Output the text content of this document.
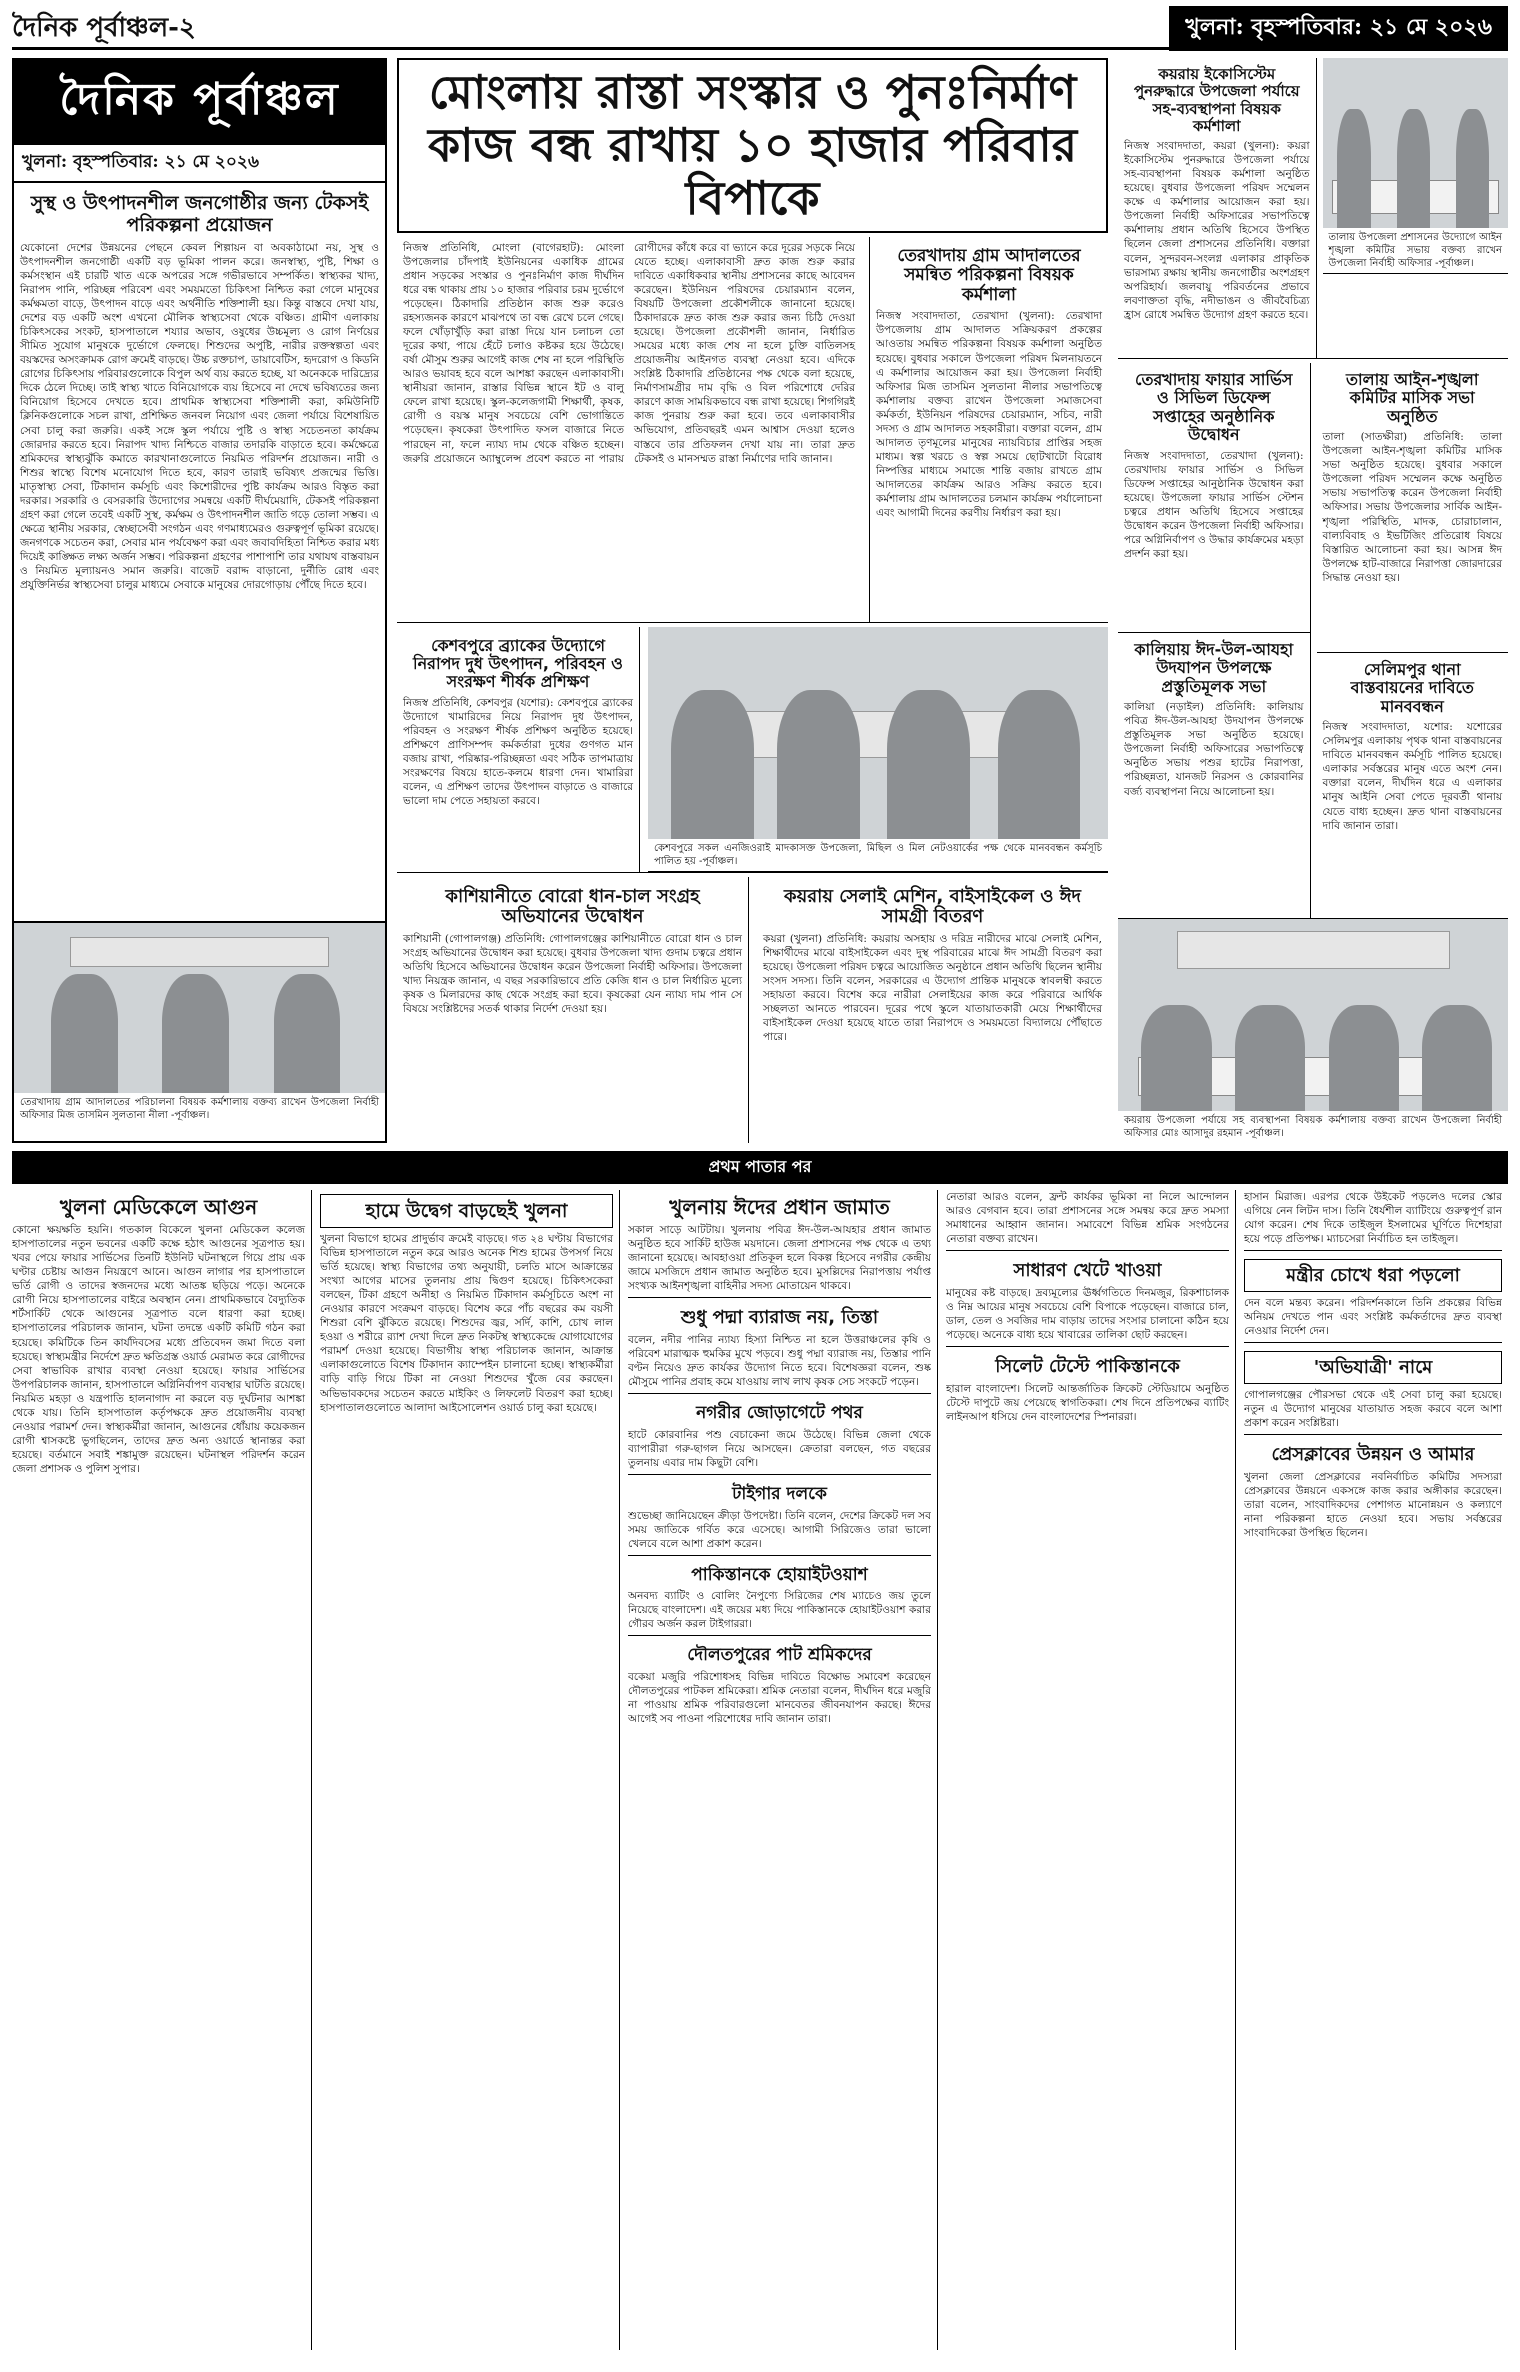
দৈনিক পূর্বাঞ্চল-২	খুলনা: বৃহস্পতিবার: ২১ মে ২০২৬
দৈনিক পূর্বাঞ্চল
খুলনা: বৃহস্পতিবার: ২১ মে ২০২৬
সুস্থ ও উৎপাদনশীল জনগোষ্ঠীর জন্য টেকসই পরিকল্পনা প্রয়োজন

যেকোনো দেশের উন্নয়নের পেছনে কেবল শিল্পায়ন বা অবকাঠামো নয়, সুস্থ ও উৎপাদনশীল জনগোষ্ঠী একটি বড় ভূমিকা পালন করে। জনস্বাস্থ্য, পুষ্টি, শিক্ষা ও কর্মসংস্থান এই চারটি খাত একে অপরের সঙ্গে গভীরভাবে সম্পর্কিত। স্বাস্থ্যকর খাদ্য, নিরাপদ পানি, পরিচ্ছন্ন পরিবেশ এবং সময়মতো চিকিৎসা নিশ্চিত করা গেলে মানুষের কর্মক্ষমতা বাড়ে, উৎপাদন বাড়ে এবং অর্থনীতি শক্তিশালী হয়। কিন্তু বাস্তবে দেখা যায়, দেশের বড় একটি অংশ এখনো মৌলিক স্বাস্থ্যসেবা থেকে বঞ্চিত। গ্রামীণ এলাকায় চিকিৎসকের সংকট, হাসপাতালে শয্যার অভাব, ওষুধের উচ্চমূল্য ও রোগ নির্ণয়ের সীমিত সুযোগ মানুষকে দুর্ভোগে ফেলছে। শিশুদের অপুষ্টি, নারীর রক্তস্বল্পতা এবং বয়স্কদের অসংক্রামক রোগ ক্রমেই বাড়ছে। উচ্চ রক্তচাপ, ডায়াবেটিস, হৃদরোগ ও কিডনি রোগের চিকিৎসায় পরিবারগুলোকে বিপুল অর্থ ব্যয় করতে হচ্ছে, যা অনেককে দারিদ্র্যের দিকে ঠেলে দিচ্ছে। তাই স্বাস্থ্য খাতে বিনিয়োগকে ব্যয় হিসেবে না দেখে ভবিষ্যতের জন্য বিনিয়োগ হিসেবে দেখতে হবে। প্রাথমিক স্বাস্থ্যসেবা শক্তিশালী করা, কমিউনিটি ক্লিনিকগুলোকে সচল রাখা, প্রশিক্ষিত জনবল নিয়োগ এবং জেলা পর্যায়ে বিশেষায়িত সেবা চালু করা জরুরি। একই সঙ্গে স্কুল পর্যায়ে পুষ্টি ও স্বাস্থ্য সচেতনতা কার্যক্রম জোরদার করতে হবে। নিরাপদ খাদ্য নিশ্চিতে বাজার তদারকি বাড়াতে হবে। কর্মক্ষেত্রে শ্রমিকদের স্বাস্থ্যঝুঁকি কমাতে কারখানাগুলোতে নিয়মিত পরিদর্শন প্রয়োজন। নারী ও শিশুর স্বাস্থ্যে বিশেষ মনোযোগ দিতে হবে, কারণ তারাই ভবিষ্যৎ প্রজন্মের ভিত্তি। মাতৃস্বাস্থ্য সেবা, টিকাদান কর্মসূচি এবং কিশোরীদের পুষ্টি কার্যক্রম আরও বিস্তৃত করা দরকার। সরকারি ও বেসরকারি উদ্যোগের সমন্বয়ে একটি দীর্ঘমেয়াদি, টেকসই পরিকল্পনা গ্রহণ করা গেলে তবেই একটি সুস্থ, কর্মক্ষম ও উৎপাদনশীল জাতি গড়ে তোলা সম্ভব। এ ক্ষেত্রে স্থানীয় সরকার, স্বেচ্ছাসেবী সংগঠন এবং গণমাধ্যমেরও গুরুত্বপূর্ণ ভূমিকা রয়েছে। জনগণকে সচেতন করা, সেবার মান পর্যবেক্ষণ করা এবং জবাবদিহিতা নিশ্চিত করার মধ্য দিয়েই কাঙ্ক্ষিত লক্ষ্য অর্জন সম্ভব। পরিকল্পনা গ্রহণের পাশাপাশি তার যথাযথ বাস্তবায়ন ও নিয়মিত মূল্যায়নও সমান জরুরি। বাজেট বরাদ্দ বাড়ানো, দুর্নীতি রোধ এবং প্রযুক্তিনির্ভর স্বাস্থ্যসেবা চালুর মাধ্যমে সেবাকে মানুষের দোরগোড়ায় পৌঁছে দিতে হবে।

তেরখাদায় গ্রাম আদালতের পরিচালনা বিষয়ক কর্মশালায় বক্তব্য রাখেন উপজেলা নির্বাহী অফিসার মিজ তাসমিন সুলতানা নীলা -পূর্বাঞ্চল।
মোংলায় রাস্তা সংস্কার ও পুনঃনির্মাণ কাজ বন্ধ রাখায় ১০ হাজার পরিবার বিপাকে

নিজস্ব প্রতিনিধি, মোংলা (বাগেরহাট): মোংলা উপজেলার চাঁদপাই ইউনিয়নের একাধিক গ্রামের প্রধান সড়কের সংস্কার ও পুনঃনির্মাণ কাজ দীর্ঘদিন ধরে বন্ধ থাকায় প্রায় ১০ হাজার পরিবার চরম দুর্ভোগে পড়েছেন। ঠিকাদারি প্রতিষ্ঠান কাজ শুরু করেও রহস্যজনক কারণে মাঝপথে তা বন্ধ রেখে চলে গেছে। ফলে খোঁড়াখুঁড়ি করা রাস্তা দিয়ে যান চলাচল তো দূরের কথা, পায়ে হেঁটে চলাও কষ্টকর হয়ে উঠেছে। বর্ষা মৌসুম শুরুর আগেই কাজ শেষ না হলে পরিস্থিতি আরও ভয়াবহ হবে বলে আশঙ্কা করছেন এলাকাবাসী। স্থানীয়রা জানান, রাস্তার বিভিন্ন স্থানে ইট ও বালু ফেলে রাখা হয়েছে। স্কুল-কলেজগামী শিক্ষার্থী, কৃষক, রোগী ও বয়স্ক মানুষ সবচেয়ে বেশি ভোগান্তিতে পড়েছেন। কৃষকেরা উৎপাদিত ফসল বাজারে নিতে পারছেন না, ফলে ন্যায্য দাম থেকে বঞ্চিত হচ্ছেন। জরুরি প্রয়োজনে অ্যাম্বুলেন্স প্রবেশ করতে না পারায় রোগীদের কাঁধে করে বা ভ্যানে করে দূরের সড়কে নিয়ে যেতে হচ্ছে। এলাকাবাসী দ্রুত কাজ শুরু করার দাবিতে একাধিকবার স্থানীয় প্রশাসনের কাছে আবেদন করেছেন। ইউনিয়ন পরিষদের চেয়ারম্যান বলেন, বিষয়টি উপজেলা প্রকৌশলীকে জানানো হয়েছে। ঠিকাদারকে দ্রুত কাজ শুরু করার জন্য চিঠি দেওয়া হয়েছে। উপজেলা প্রকৌশলী জানান, নির্ধারিত সময়ের মধ্যে কাজ শেষ না হলে চুক্তি বাতিলসহ প্রয়োজনীয় আইনগত ব্যবস্থা নেওয়া হবে। এদিকে সংশ্লিষ্ট ঠিকাদারি প্রতিষ্ঠানের পক্ষ থেকে বলা হয়েছে, নির্মাণসামগ্রীর দাম বৃদ্ধি ও বিল পরিশোধে দেরির কারণে কাজ সাময়িকভাবে বন্ধ রাখা হয়েছে। শিগগিরই কাজ পুনরায় শুরু করা হবে। তবে এলাকাবাসীর অভিযোগ, প্রতিবছরই এমন আশ্বাস দেওয়া হলেও বাস্তবে তার প্রতিফলন দেখা যায় না। তারা দ্রুত টেকসই ও মানসম্মত রাস্তা নির্মাণের দাবি জানান।

তেরখাদায় গ্রাম আদালতের সমন্বিত পরিকল্পনা বিষয়ক কর্মশালা

নিজস্ব সংবাদদাতা, তেরখাদা (খুলনা): তেরখাদা উপজেলায় গ্রাম আদালত সক্রিয়করণ প্রকল্পের আওতায় সমন্বিত পরিকল্পনা বিষয়ক কর্মশালা অনুষ্ঠিত হয়েছে। বুধবার সকালে উপজেলা পরিষদ মিলনায়তনে এ কর্মশালার আয়োজন করা হয়। উপজেলা নির্বাহী অফিসার মিজ তাসমিন সুলতানা নীলার সভাপতিত্বে কর্মশালায় বক্তব্য রাখেন উপজেলা সমাজসেবা কর্মকর্তা, ইউনিয়ন পরিষদের চেয়ারম্যান, সচিব, নারী সদস্য ও গ্রাম আদালত সহকারীরা। বক্তারা বলেন, গ্রাম আদালত তৃণমূলের মানুষের ন্যায়বিচার প্রাপ্তির সহজ মাধ্যম। স্বল্প খরচে ও স্বল্প সময়ে ছোটখাটো বিরোধ নিষ্পত্তির মাধ্যমে সমাজে শান্তি বজায় রাখতে গ্রাম আদালতের কার্যক্রম আরও সক্রিয় করতে হবে। কর্মশালায় গ্রাম আদালতের চলমান কার্যক্রম পর্যালোচনা এবং আগামী দিনের করণীয় নির্ধারণ করা হয়।

কেশবপুরে ব্র্যাকের উদ্যোগে নিরাপদ দুধ উৎপাদন, পরিবহন ও সংরক্ষণ শীর্ষক প্রশিক্ষণ

নিজস্ব প্রতিনিধি, কেশবপুর (যশোর): কেশবপুরে ব্র্যাকের উদ্যোগে খামারিদের নিয়ে নিরাপদ দুধ উৎপাদন, পরিবহন ও সংরক্ষণ শীর্ষক প্রশিক্ষণ অনুষ্ঠিত হয়েছে। প্রশিক্ষণে প্রাণিসম্পদ কর্মকর্তারা দুধের গুণগত মান বজায় রাখা, পরিষ্কার-পরিচ্ছন্নতা এবং সঠিক তাপমাত্রায় সংরক্ষণের বিষয়ে হাতে-কলমে ধারণা দেন। খামারিরা বলেন, এ প্রশিক্ষণ তাদের উৎপাদন বাড়াতে ও বাজারে ভালো দাম পেতে সহায়তা করবে।

কেশবপুরে সকল এনজিওরাই মাদকাসক্ত উপজেলা, মিছিল ও মিল নেটওয়ার্কের পক্ষ থেকে মানববন্ধন কর্মসূচি পালিত হয় -পূর্বাঞ্চল।
কাশিয়ানীতে বোরো ধান-চাল সংগ্রহ অভিযানের উদ্বোধন

কাশিয়ানী (গোপালগঞ্জ) প্রতিনিধি: গোপালগঞ্জের কাশিয়ানীতে বোরো ধান ও চাল সংগ্রহ অভিযানের উদ্বোধন করা হয়েছে। বুধবার উপজেলা খাদ্য গুদাম চত্বরে প্রধান অতিথি হিসেবে অভিযানের উদ্বোধন করেন উপজেলা নির্বাহী অফিসার। উপজেলা খাদ্য নিয়ন্ত্রক জানান, এ বছর সরকারিভাবে প্রতি কেজি ধান ও চাল নির্ধারিত মূল্যে কৃষক ও মিলারদের কাছ থেকে সংগ্রহ করা হবে। কৃষকেরা যেন ন্যায্য দাম পান সে বিষয়ে সংশ্লিষ্টদের সতর্ক থাকার নির্দেশ দেওয়া হয়।

কয়রায় সেলাই মেশিন, বাইসাইকেল ও ঈদ সামগ্রী বিতরণ

কয়রা (খুলনা) প্রতিনিধি: কয়রায় অসহায় ও দরিদ্র নারীদের মাঝে সেলাই মেশিন, শিক্ষার্থীদের মাঝে বাইসাইকেল এবং দুস্থ পরিবারের মাঝে ঈদ সামগ্রী বিতরণ করা হয়েছে। উপজেলা পরিষদ চত্বরে আয়োজিত অনুষ্ঠানে প্রধান অতিথি ছিলেন স্থানীয় সংসদ সদস্য। তিনি বলেন, সরকারের এ উদ্যোগ প্রান্তিক মানুষকে স্বাবলম্বী করতে সহায়তা করবে। বিশেষ করে নারীরা সেলাইয়ের কাজ করে পরিবারে আর্থিক সচ্ছলতা আনতে পারবেন। দূরের পথে স্কুলে যাতায়াতকারী মেয়ে শিক্ষার্থীদের বাইসাইকেল দেওয়া হয়েছে যাতে তারা নিরাপদে ও সময়মতো বিদ্যালয়ে পৌঁছাতে পারে।

কয়রায় ইকোসিস্টেম পুনরুদ্ধারে উপজেলা পর্যায়ে সহ-ব্যবস্থাপনা বিষয়ক কর্মশালা

নিজস্ব সংবাদদাতা, কয়রা (খুলনা): কয়রা ইকোসিস্টেম পুনরুদ্ধারে উপজেলা পর্যায়ে সহ-ব্যবস্থাপনা বিষয়ক কর্মশালা অনুষ্ঠিত হয়েছে। বুধবার উপজেলা পরিষদ সম্মেলন কক্ষে এ কর্মশালার আয়োজন করা হয়। উপজেলা নির্বাহী অফিসারের সভাপতিত্বে কর্মশালায় প্রধান অতিথি হিসেবে উপস্থিত ছিলেন জেলা প্রশাসনের প্রতিনিধি। বক্তারা বলেন, সুন্দরবন-সংলগ্ন এলাকার প্রাকৃতিক ভারসাম্য রক্ষায় স্থানীয় জনগোষ্ঠীর অংশগ্রহণ অপরিহার্য। জলবায়ু পরিবর্তনের প্রভাবে লবণাক্ততা বৃদ্ধি, নদীভাঙন ও জীববৈচিত্র্য হ্রাস রোধে সমন্বিত উদ্যোগ গ্রহণ করতে হবে।

তালায় উপজেলা প্রশাসনের উদ্যোগে আইন শৃঙ্খলা কমিটির সভায় বক্তব্য রাখেন উপজেলা নির্বাহী অফিসার -পূর্বাঞ্চল।
তেরখাদায় ফায়ার সার্ভিস ও সিভিল ডিফেন্স সপ্তাহের অনুষ্ঠানিক উদ্বোধন

নিজস্ব সংবাদদাতা, তেরখাদা (খুলনা): তেরখাদায় ফায়ার সার্ভিস ও সিভিল ডিফেন্স সপ্তাহের আনুষ্ঠানিক উদ্বোধন করা হয়েছে। উপজেলা ফায়ার সার্ভিস স্টেশন চত্বরে প্রধান অতিথি হিসেবে সপ্তাহের উদ্বোধন করেন উপজেলা নির্বাহী অফিসার। পরে অগ্নিনির্বাপণ ও উদ্ধার কার্যক্রমের মহড়া প্রদর্শন করা হয়।

কালিয়ায় ঈদ-উল-আযহা উদযাপন উপলক্ষে প্রস্তুতিমূলক সভা

কালিয়া (নড়াইল) প্রতিনিধি: কালিয়ায় পবিত্র ঈদ-উল-আযহা উদযাপন উপলক্ষে প্রস্তুতিমূলক সভা অনুষ্ঠিত হয়েছে। উপজেলা নির্বাহী অফিসারের সভাপতিত্বে অনুষ্ঠিত সভায় পশুর হাটের নিরাপত্তা, পরিচ্ছন্নতা, যানজট নিরসন ও কোরবানির বর্জ্য ব্যবস্থাপনা নিয়ে আলোচনা হয়।

তালায় আইন-শৃঙ্খলা কমিটির মাসিক সভা অনুষ্ঠিত

তালা (সাতক্ষীরা) প্রতিনিধি: তালা উপজেলা আইন-শৃঙ্খলা কমিটির মাসিক সভা অনুষ্ঠিত হয়েছে। বুধবার সকালে উপজেলা পরিষদ সম্মেলন কক্ষে অনুষ্ঠিত সভায় সভাপতিত্ব করেন উপজেলা নির্বাহী অফিসার। সভায় উপজেলার সার্বিক আইন-শৃঙ্খলা পরিস্থিতি, মাদক, চোরাচালান, বাল্যবিবাহ ও ইভটিজিং প্রতিরোধ বিষয়ে বিস্তারিত আলোচনা করা হয়। আসন্ন ঈদ উপলক্ষে হাট-বাজারে নিরাপত্তা জোরদারের সিদ্ধান্ত নেওয়া হয়।

সেলিমপুর থানা বাস্তবায়নের দাবিতে মানববন্ধন

নিজস্ব সংবাদদাতা, যশোর: যশোরের সেলিমপুর এলাকায় পৃথক থানা বাস্তবায়নের দাবিতে মানববন্ধন কর্মসূচি পালিত হয়েছে। এলাকার সর্বস্তরের মানুষ এতে অংশ নেন। বক্তারা বলেন, দীর্ঘদিন ধরে এ এলাকার মানুষ আইনি সেবা পেতে দূরবর্তী থানায় যেতে বাধ্য হচ্ছেন। দ্রুত থানা বাস্তবায়নের দাবি জানান তারা।

কয়রায় উপজেলা পর্যায়ে সহ ব্যবস্থাপনা বিষয়ক কর্মশালায় বক্তব্য রাখেন উপজেলা নির্বাহী অফিসার মোঃ আসাদুর রহমান -পূর্বাঞ্চল।
প্রথম পাতার পর
খুলনা মেডিকেলে আগুন

কোনো ক্ষয়ক্ষতি হয়নি। গতকাল বিকেলে খুলনা মেডিকেল কলেজ হাসপাতালের নতুন ভবনের একটি কক্ষে হঠাৎ আগুনের সূত্রপাত হয়। খবর পেয়ে ফায়ার সার্ভিসের তিনটি ইউনিট ঘটনাস্থলে গিয়ে প্রায় এক ঘণ্টার চেষ্টায় আগুন নিয়ন্ত্রণে আনে। আগুন লাগার পর হাসপাতালে ভর্তি রোগী ও তাদের স্বজনদের মধ্যে আতঙ্ক ছড়িয়ে পড়ে। অনেকে রোগী নিয়ে হাসপাতালের বাইরে অবস্থান নেন। প্রাথমিকভাবে বৈদ্যুতিক শর্টসার্কিট থেকে আগুনের সূত্রপাত বলে ধারণা করা হচ্ছে। হাসপাতালের পরিচালক জানান, ঘটনা তদন্তে একটি কমিটি গঠন করা হয়েছে। কমিটিকে তিন কার্যদিবসের মধ্যে প্রতিবেদন জমা দিতে বলা হয়েছে। স্বাস্থ্যমন্ত্রীর নির্দেশে দ্রুত ক্ষতিগ্রস্ত ওয়ার্ড মেরামত করে রোগীদের সেবা স্বাভাবিক রাখার ব্যবস্থা নেওয়া হয়েছে। ফায়ার সার্ভিসের উপপরিচালক জানান, হাসপাতালে অগ্নিনির্বাপণ ব্যবস্থার ঘাটতি রয়েছে। নিয়মিত মহড়া ও যন্ত্রপাতি হালনাগাদ না করলে বড় দুর্ঘটনার আশঙ্কা থেকে যায়। তিনি হাসপাতাল কর্তৃপক্ষকে দ্রুত প্রয়োজনীয় ব্যবস্থা নেওয়ার পরামর্শ দেন। স্বাস্থ্যকর্মীরা জানান, আগুনের ধোঁয়ায় কয়েকজন রোগী শ্বাসকষ্টে ভুগছিলেন, তাদের দ্রুত অন্য ওয়ার্ডে স্থানান্তর করা হয়েছে। বর্তমানে সবাই শঙ্কামুক্ত রয়েছেন। ঘটনাস্থল পরিদর্শন করেন জেলা প্রশাসক ও পুলিশ সুপার।

হামে উদ্বেগ বাড়ছেই খুলনা

খুলনা বিভাগে হামের প্রাদুর্ভাব ক্রমেই বাড়ছে। গত ২৪ ঘণ্টায় বিভাগের বিভিন্ন হাসপাতালে নতুন করে আরও অনেক শিশু হামের উপসর্গ নিয়ে ভর্তি হয়েছে। স্বাস্থ্য বিভাগের তথ্য অনুযায়ী, চলতি মাসে আক্রান্তের সংখ্যা আগের মাসের তুলনায় প্রায় দ্বিগুণ হয়েছে। চিকিৎসকেরা বলছেন, টিকা গ্রহণে অনীহা ও নিয়মিত টিকাদান কর্মসূচিতে অংশ না নেওয়ার কারণে সংক্রমণ বাড়ছে। বিশেষ করে পাঁচ বছরের কম বয়সী শিশুরা বেশি ঝুঁকিতে রয়েছে। শিশুদের জ্বর, সর্দি, কাশি, চোখ লাল হওয়া ও শরীরে র‍্যাশ দেখা দিলে দ্রুত নিকটস্থ স্বাস্থ্যকেন্দ্রে যোগাযোগের পরামর্শ দেওয়া হয়েছে। বিভাগীয় স্বাস্থ্য পরিচালক জানান, আক্রান্ত এলাকাগুলোতে বিশেষ টিকাদান ক্যাম্পেইন চালানো হচ্ছে। স্বাস্থ্যকর্মীরা বাড়ি বাড়ি গিয়ে টিকা না নেওয়া শিশুদের খুঁজে বের করছেন। অভিভাবকদের সচেতন করতে মাইকিং ও লিফলেট বিতরণ করা হচ্ছে। হাসপাতালগুলোতে আলাদা আইসোলেশন ওয়ার্ড চালু করা হয়েছে।

খুলনায় ঈদের প্রধান জামাত

সকাল সাড়ে আটটায়। খুলনায় পবিত্র ঈদ-উল-আযহার প্রধান জামাত অনুষ্ঠিত হবে সার্কিট হাউজ ময়দানে। জেলা প্রশাসনের পক্ষ থেকে এ তথ্য জানানো হয়েছে। আবহাওয়া প্রতিকূল হলে বিকল্প হিসেবে নগরীর কেন্দ্রীয় জামে মসজিদে প্রধান জামাত অনুষ্ঠিত হবে। মুসল্লিদের নিরাপত্তায় পর্যাপ্ত সংখ্যক আইনশৃঙ্খলা বাহিনীর সদস্য মোতায়েন থাকবে।

শুধু পদ্মা ব্যারাজ নয়, তিস্তা

বলেন, নদীর পানির ন্যায্য হিস্যা নিশ্চিত না হলে উত্তরাঞ্চলের কৃষি ও পরিবেশ মারাত্মক হুমকির মুখে পড়বে। শুধু পদ্মা ব্যারাজ নয়, তিস্তার পানি বণ্টন নিয়েও দ্রুত কার্যকর উদ্যোগ নিতে হবে। বিশেষজ্ঞরা বলেন, শুষ্ক মৌসুমে পানির প্রবাহ কমে যাওয়ায় লাখ লাখ কৃষক সেচ সংকটে পড়েন।

নগরীর জোড়াগেটে পথর

হাটে কোরবানির পশু বেচাকেনা জমে উঠেছে। বিভিন্ন জেলা থেকে ব্যাপারীরা গরু-ছাগল নিয়ে আসছেন। ক্রেতারা বলছেন, গত বছরের তুলনায় এবার দাম কিছুটা বেশি।

টাইগার দলকে

শুভেচ্ছা জানিয়েছেন ক্রীড়া উপদেষ্টা। তিনি বলেন, দেশের ক্রিকেট দল সব সময় জাতিকে গর্বিত করে এসেছে। আগামী সিরিজেও তারা ভালো খেলবে বলে আশা প্রকাশ করেন।

পাকিস্তানকে হোয়াইটওয়াশ

অনবদ্য ব্যাটিং ও বোলিং নৈপুণ্যে সিরিজের শেষ ম্যাচেও জয় তুলে নিয়েছে বাংলাদেশ। এই জয়ের মধ্য দিয়ে পাকিস্তানকে হোয়াইটওয়াশ করার গৌরব অর্জন করল টাইগাররা।

দৌলতপুরের পাট শ্রমিকদের

বকেয়া মজুরি পরিশোধসহ বিভিন্ন দাবিতে বিক্ষোভ সমাবেশ করেছেন দৌলতপুরের পাটকল শ্রমিকেরা। শ্রমিক নেতারা বলেন, দীর্ঘদিন ধরে মজুরি না পাওয়ায় শ্রমিক পরিবারগুলো মানবেতর জীবনযাপন করছে। ঈদের আগেই সব পাওনা পরিশোধের দাবি জানান তারা।

নেতারা আরও বলেন, ফ্রন্ট কার্যকর ভূমিকা না নিলে আন্দোলন আরও বেগবান হবে। তারা প্রশাসনের সঙ্গে সমন্বয় করে দ্রুত সমস্যা সমাধানের আহ্বান জানান। সমাবেশে বিভিন্ন শ্রমিক সংগঠনের নেতারা বক্তব্য রাখেন।

সাধারণ খেটে খাওয়া

মানুষের কষ্ট বাড়ছে। দ্রব্যমূল্যের ঊর্ধ্বগতিতে দিনমজুর, রিকশাচালক ও নিম্ন আয়ের মানুষ সবচেয়ে বেশি বিপাকে পড়েছেন। বাজারে চাল, ডাল, তেল ও সবজির দাম বাড়ায় তাদের সংসার চালানো কঠিন হয়ে পড়েছে। অনেকে বাধ্য হয়ে খাবারের তালিকা ছোট করছেন।

সিলেট টেস্টে পাকিস্তানকে

হারাল বাংলাদেশ। সিলেট আন্তর্জাতিক ক্রিকেট স্টেডিয়ামে অনুষ্ঠিত টেস্টে দাপুটে জয় পেয়েছে স্বাগতিকরা। শেষ দিনে প্রতিপক্ষের ব্যাটিং লাইনআপ ধসিয়ে দেন বাংলাদেশের স্পিনাররা।

হাসান মিরাজ। এরপর থেকে উইকেট পড়লেও দলের স্কোর এগিয়ে নেন লিটন দাস। তিনি ধৈর্যশীল ব্যাটিংয়ে গুরুত্বপূর্ণ রান যোগ করেন। শেষ দিকে তাইজুল ইসলামের ঘূর্ণিতে দিশেহারা হয়ে পড়ে প্রতিপক্ষ। ম্যাচসেরা নির্বাচিত হন তাইজুল।

মন্ত্রীর চোখে ধরা পড়লো

দেন বলে মন্তব্য করেন। পরিদর্শনকালে তিনি প্রকল্পের বিভিন্ন অনিয়ম দেখতে পান এবং সংশ্লিষ্ট কর্মকর্তাদের দ্রুত ব্যবস্থা নেওয়ার নির্দেশ দেন।

'অভিযাত্রী' নামে

গোপালগঞ্জের পৌরসভা থেকে এই সেবা চালু করা হয়েছে। নতুন এ উদ্যোগ মানুষের যাতায়াত সহজ করবে বলে আশা প্রকাশ করেন সংশ্লিষ্টরা।

প্রেসক্লাবের উন্নয়ন ও আমার

খুলনা জেলা প্রেসক্লাবের নবনির্বাচিত কমিটির সদস্যরা প্রেসক্লাবের উন্নয়নে একসঙ্গে কাজ করার অঙ্গীকার করেছেন। তারা বলেন, সাংবাদিকদের পেশাগত মানোন্নয়ন ও কল্যাণে নানা পরিকল্পনা হাতে নেওয়া হবে। সভায় সর্বস্তরের সাংবাদিকেরা উপস্থিত ছিলেন।
